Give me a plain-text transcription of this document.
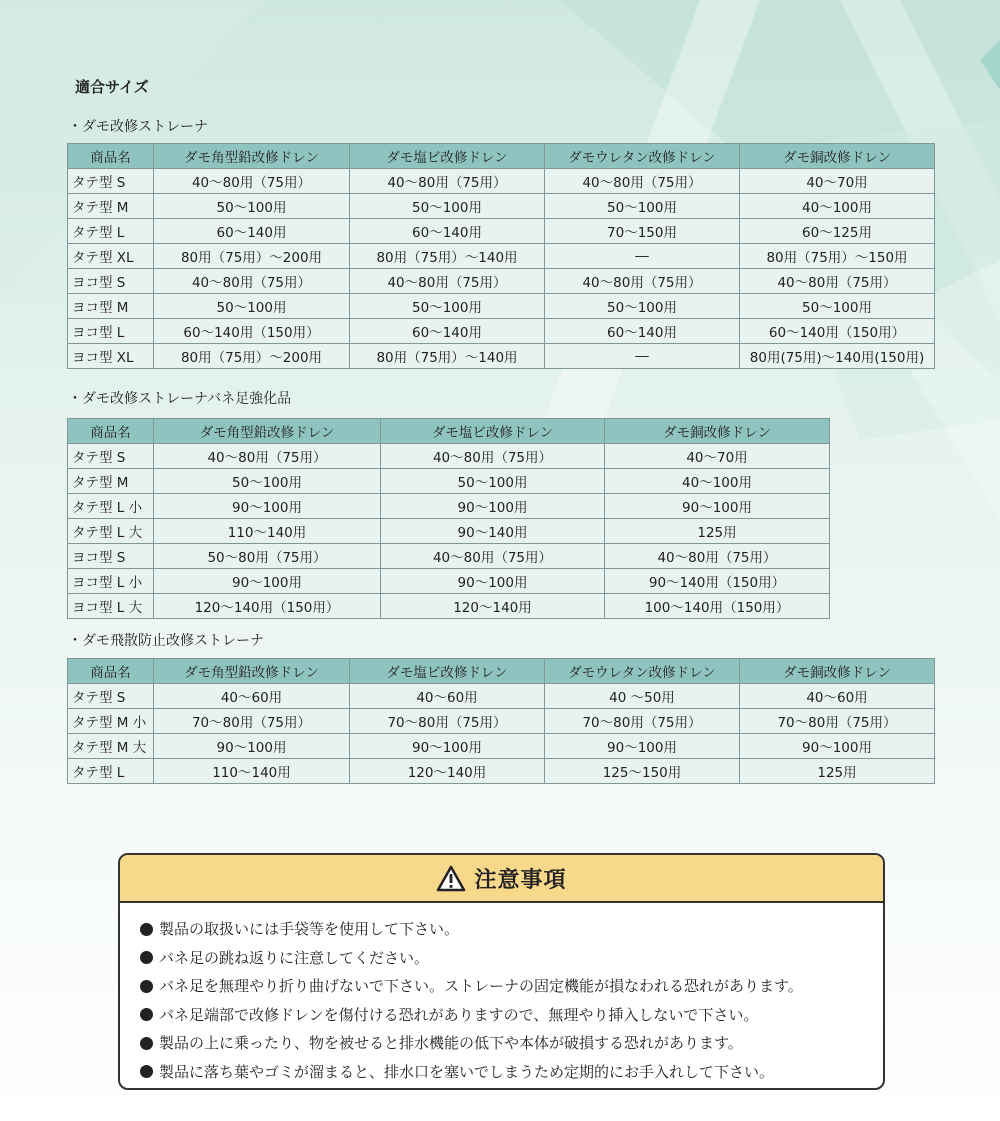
適合サイズ
・ダモ改修ストレーナ
商品名	ダモ角型鉛改修ドレン	ダモ塩ビ改修ドレン	ダモウレタン改修ドレン	ダモ銅改修ドレン
タテ型 S	40～80用（75用）	40～80用（75用）	40～80用（75用）	40～70用
タテ型 M	50～100用	50～100用	50～100用	40～100用
タテ型 L	60～140用	60～140用	70～150用	60～125用
タテ型 XL	80用（75用）～200用	80用（75用）～140用	―	80用（75用）～150用
ヨコ型 S	40～80用（75用）	40～80用（75用）	40～80用（75用）	40～80用（75用）
ヨコ型 M	50～100用	50～100用	50～100用	50～100用
ヨコ型 L	60～140用（150用）	60～140用	60～140用	60～140用（150用）
ヨコ型 XL	80用（75用）～200用	80用（75用）～140用	―	80用(75用)～140用(150用)
・ダモ改修ストレーナバネ足強化品
商品名	ダモ角型鉛改修ドレン	ダモ塩ビ改修ドレン	ダモ銅改修ドレン
タテ型 S	40～80用（75用）	40～80用（75用）	40～70用
タテ型 M	50～100用	50～100用	40～100用
タテ型 L 小	90～100用	90～100用	90～100用
タテ型 L 大	110～140用	90～140用	125用
ヨコ型 S	50～80用（75用）	40～80用（75用）	40～80用（75用）
ヨコ型 L 小	90～100用	90～100用	90～140用（150用）
ヨコ型 L 大	120～140用（150用）	120～140用	100～140用（150用）
・ダモ飛散防止改修ストレーナ
商品名	ダモ角型鉛改修ドレン	ダモ塩ビ改修ドレン	ダモウレタン改修ドレン	ダモ銅改修ドレン
タテ型 S	40～60用	40～60用	40 ～50用	40～60用
タテ型 M 小	70～80用（75用）	70～80用（75用）	70～80用（75用）	70～80用（75用）
タテ型 M 大	90～100用	90～100用	90～100用	90～100用
タテ型 L	110～140用	120～140用	125～150用	125用
注意事項
製品の取扱いには手袋等を使用して下さい。
バネ足の跳ね返りに注意してください。
バネ足を無理やり折り曲げないで下さい。ストレーナの固定機能が損なわれる恐れがあります。
バネ足端部で改修ドレンを傷付ける恐れがありますので、無理やり挿入しないで下さい。
製品の上に乗ったり、物を被せると排水機能の低下や本体が破損する恐れがあります。
製品に落ち葉やゴミが溜まると、排水口を塞いでしまうため定期的にお手入れして下さい。
